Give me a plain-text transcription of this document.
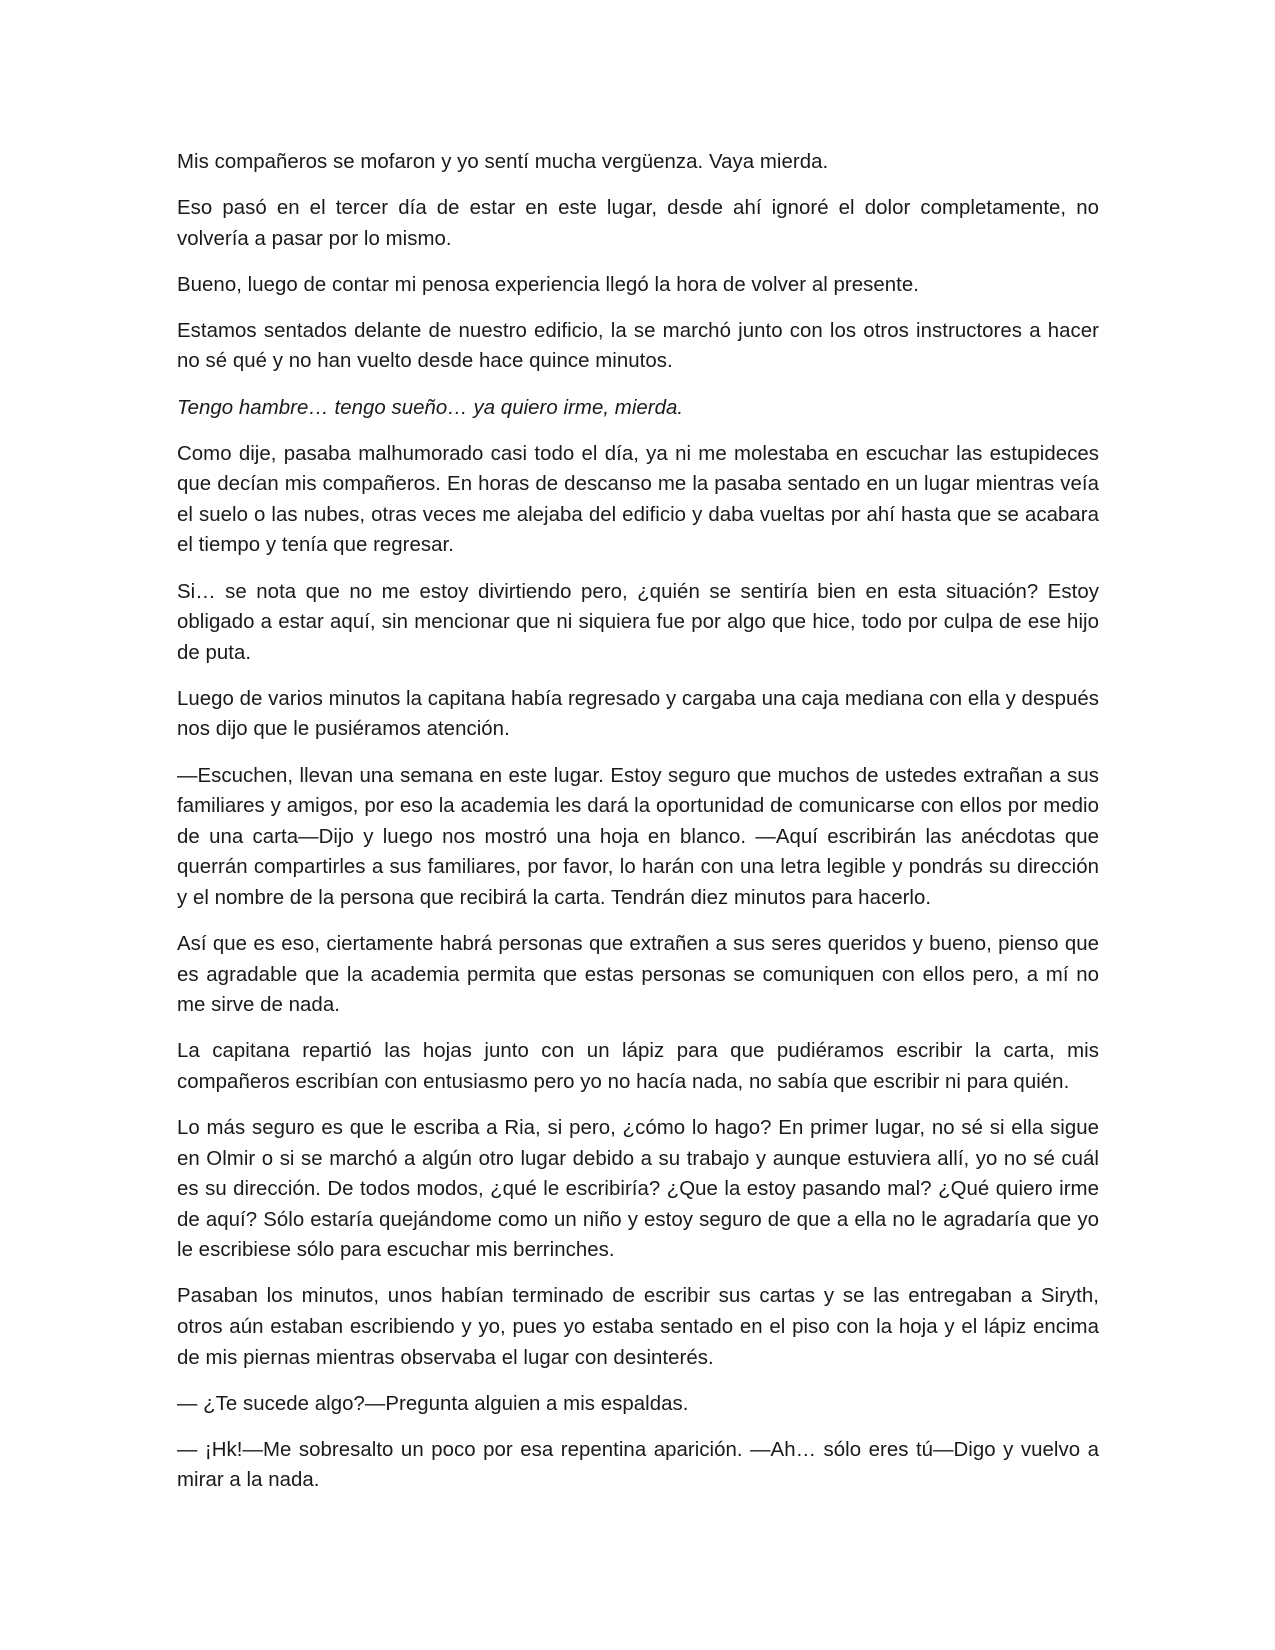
Mis compañeros se mofaron y yo sentí mucha vergüenza. Vaya mierda.

Eso pasó en el tercer día de estar en este lugar, desde ahí ignoré el dolor completamente, no volvería a pasar por lo mismo.

Bueno, luego de contar mi penosa experiencia llegó la hora de volver al presente.

Estamos sentados delante de nuestro edificio, la se marchó junto con los otros instructores a hacer no sé qué y no han vuelto desde hace quince minutos.

Tengo hambre… tengo sueño… ya quiero irme, mierda.

Como dije, pasaba malhumorado casi todo el día, ya ni me molestaba en escuchar las estupideces que decían mis compañeros. En horas de descanso me la pasaba sentado en un lugar mientras veía el suelo o las nubes, otras veces me alejaba del edificio y daba vueltas por ahí hasta que se acabara el tiempo y tenía que regresar.

Si… se nota que no me estoy divirtiendo pero, ¿quién se sentiría bien en esta situación? Estoy obligado a estar aquí, sin mencionar que ni siquiera fue por algo que hice, todo por culpa de ese hijo de puta.

Luego de varios minutos la capitana había regresado y cargaba una caja mediana con ella y después nos dijo que le pusiéramos atención.

—Escuchen, llevan una semana en este lugar. Estoy seguro que muchos de ustedes extrañan a sus familiares y amigos, por eso la academia les dará la oportunidad de comunicarse con ellos por medio de una carta—Dijo y luego nos mostró una hoja en blanco. —Aquí escribirán las anécdotas que querrán compartirles a sus familiares, por favor, lo harán con una letra legible y pondrás su dirección y el nombre de la persona que recibirá la carta. Tendrán diez minutos para hacerlo.

Así que es eso, ciertamente habrá personas que extrañen a sus seres queridos y bueno, pienso que es agradable que la academia permita que estas personas se comuniquen con ellos pero, a mí no me sirve de nada.

La capitana repartió las hojas junto con un lápiz para que pudiéramos escribir la carta, mis compañeros escribían con entusiasmo pero yo no hacía nada, no sabía que escribir ni para quién.

Lo más seguro es que le escriba a Ria, si pero, ¿cómo lo hago? En primer lugar, no sé si ella sigue en Olmir o si se marchó a algún otro lugar debido a su trabajo y aunque estuviera allí, yo no sé cuál es su dirección. De todos modos, ¿qué le escribiría? ¿Que la estoy pasando mal? ¿Qué quiero irme de aquí? Sólo estaría quejándome como un niño y estoy seguro de que a ella no le agradaría que yo le escribiese sólo para escuchar mis berrinches.

Pasaban los minutos, unos habían terminado de escribir sus cartas y se las entregaban a Siryth, otros aún estaban escribiendo y yo, pues yo estaba sentado en el piso con la hoja y el lápiz encima de mis piernas mientras observaba el lugar con desinterés.

— ¿Te sucede algo?—Pregunta alguien a mis espaldas.

— ¡Hk!—Me sobresalto un poco por esa repentina aparición. —Ah… sólo eres tú—Digo y vuelvo a mirar a la nada.
